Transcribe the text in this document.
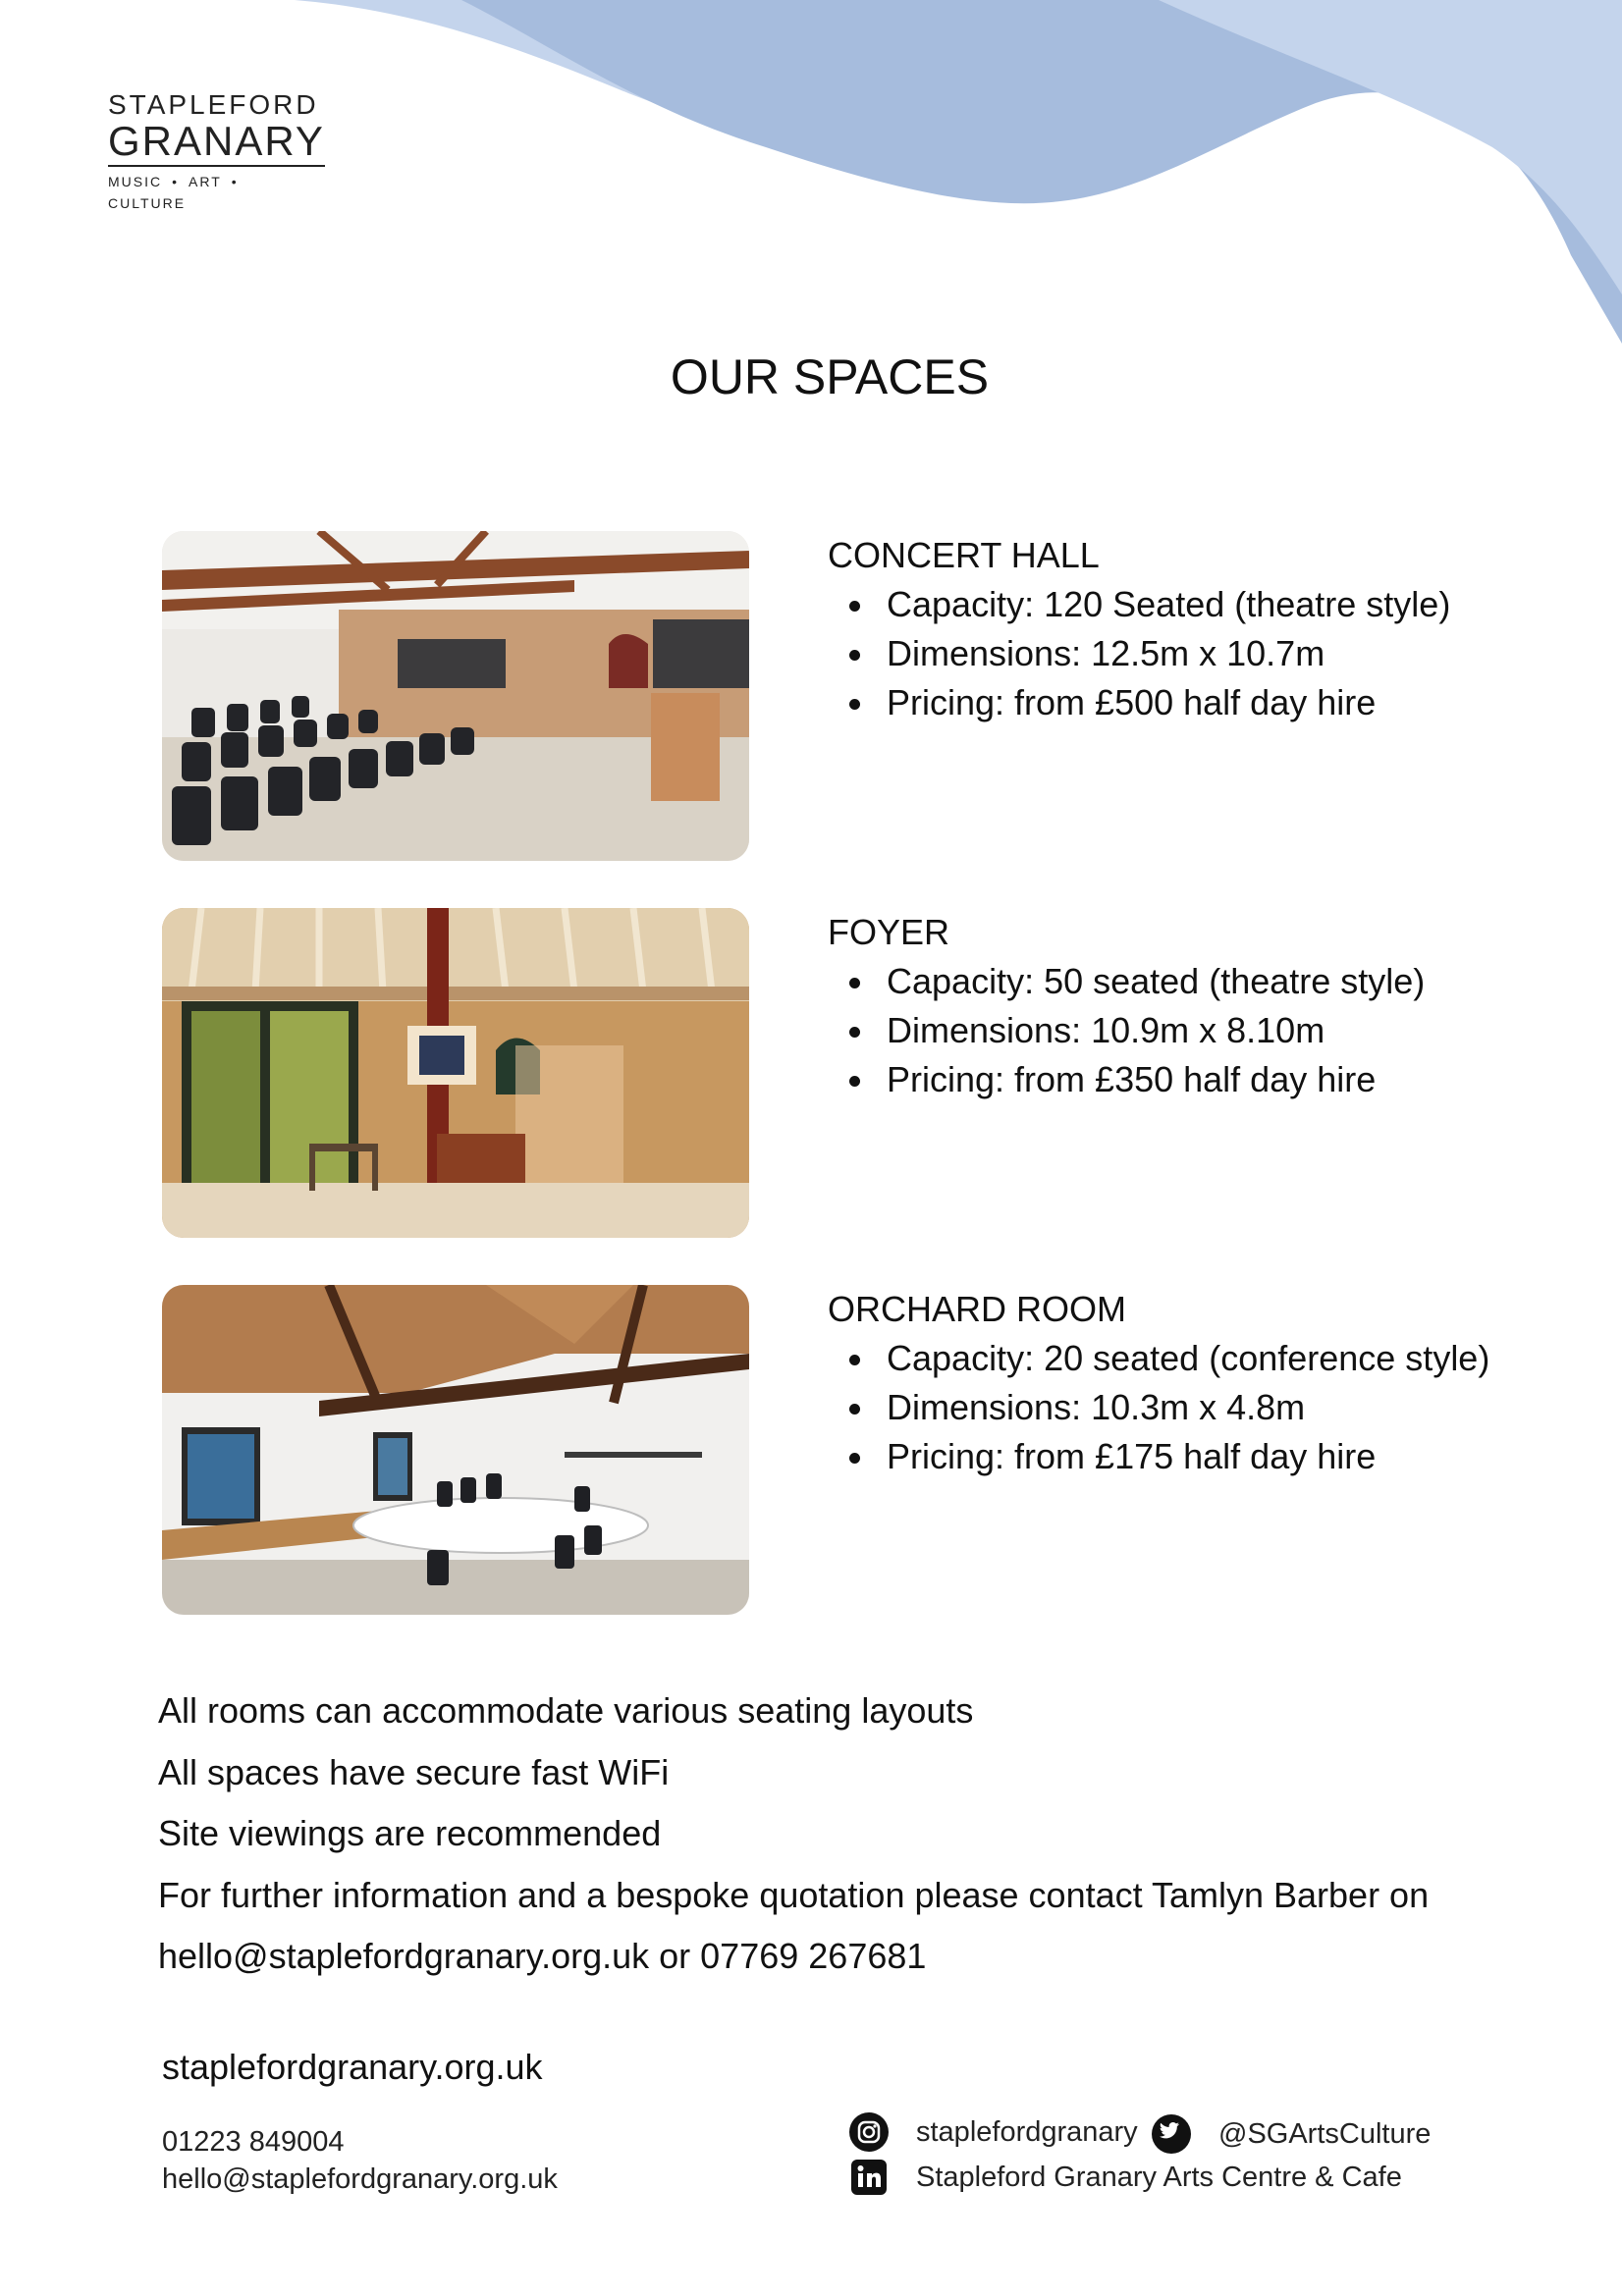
STAPLEFORD
GRANARY
MUSIC • ART •CULTURE
OUR SPACES
CONCERT HALL
Capacity: 120 Seated (theatre style)
Dimensions: 12.5m x 10.7m
Pricing: from £500 half day hire
FOYER
Capacity: 50 seated (theatre style)
Dimensions: 10.9m x 8.10m
Pricing: from £350 half day hire
ORCHARD ROOM
Capacity: 20 seated (conference style)
Dimensions: 10.3m x 4.8m
Pricing: from £175 half day hire

All rooms can accommodate various seating layouts

All spaces have secure fast WiFi

Site viewings are recommended

For further information and a bespoke quotation please contact Tamlyn Barber on

hello@staplefordgranary.org.uk or 07769 267681

staplefordgranary.org.uk

01223 849004

hello@staplefordgranary.org.uk

staplefordgranary	@SGArtsCulture
Stapleford Granary Arts Centre & Cafe
